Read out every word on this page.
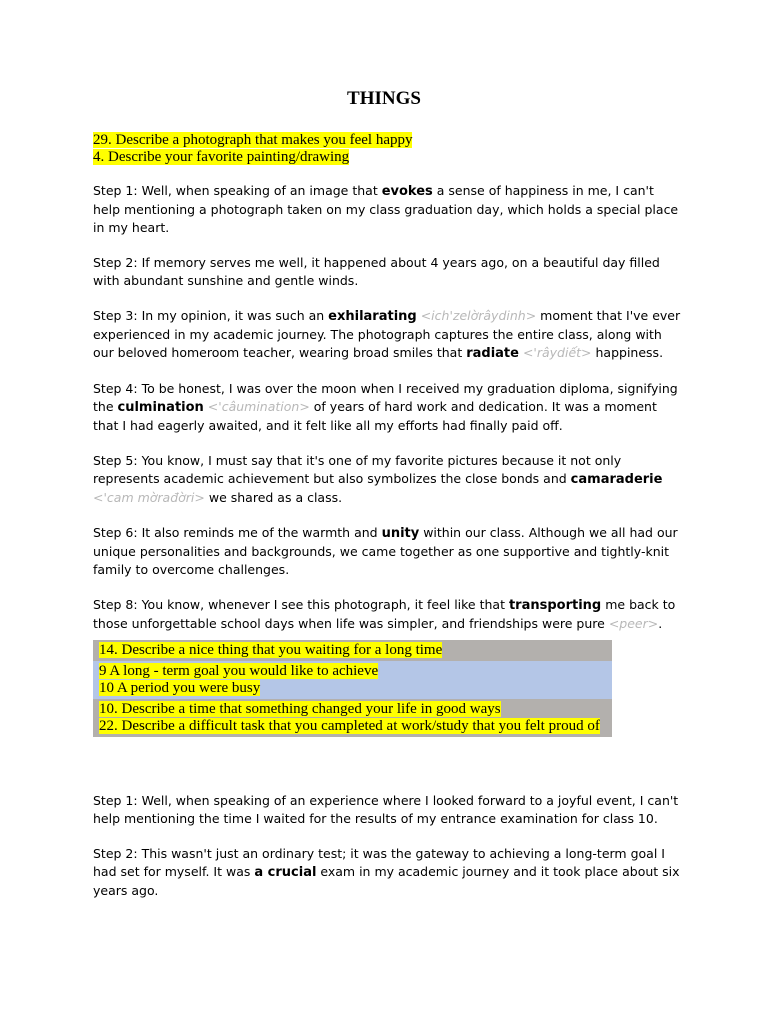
THINGS
29. Describe a photograph that makes you feel happy
4. Describe your favorite painting/drawing
Step 1: Well, when speaking of an image that evokes a sense of happiness in me, I can't help mentioning a photograph taken on my class graduation day, which holds a special place in my heart.
Step 2: If memory serves me well, it happened about 4 years ago, on a beautiful day filled with abundant sunshine and gentle winds.
Step 3: In my opinion, it was such an exhilarating <ich'zelờrâydinh> moment that I've ever experienced in my academic journey. The photograph captures the entire class, along with our beloved homeroom teacher, wearing broad smiles that radiate <'râydiết> happiness.
Step 4: To be honest, I was over the moon when I received my graduation diploma, signifying the culmination <'câumination> of years of hard work and dedication. It was a moment that I had eagerly awaited, and it felt like all my efforts had finally paid off.
Step 5: You know, I must say that it's one of my favorite pictures because it not only represents academic achievement but also symbolizes the close bonds and camaraderie <'cam mờrađờri> we shared as a class.
Step 6: It also reminds me of the warmth and unity within our class. Although we all had our unique personalities and backgrounds, we came together as one supportive and tightly-knit family to overcome challenges.
Step 8: You know, whenever I see this photograph, it feel like that transporting me back to those unforgettable school days when life was simpler, and friendships were pure <peer>.
14. Describe a nice thing that you waiting for a long time
9 A long - term goal you would like to achieve
10 A period you were busy
10. Describe a time that something changed your life in good ways
22. Describe a difficult task that you campleted at work/study that you felt proud of
Step 1: Well, when speaking of an experience where I looked forward to a joyful event, I can't help mentioning the time I waited for the results of my entrance examination for class 10.
Step 2: This wasn't just an ordinary test; it was the gateway to achieving a long-term goal I had set for myself. It was a crucial exam in my academic journey and it took place about six years ago.
